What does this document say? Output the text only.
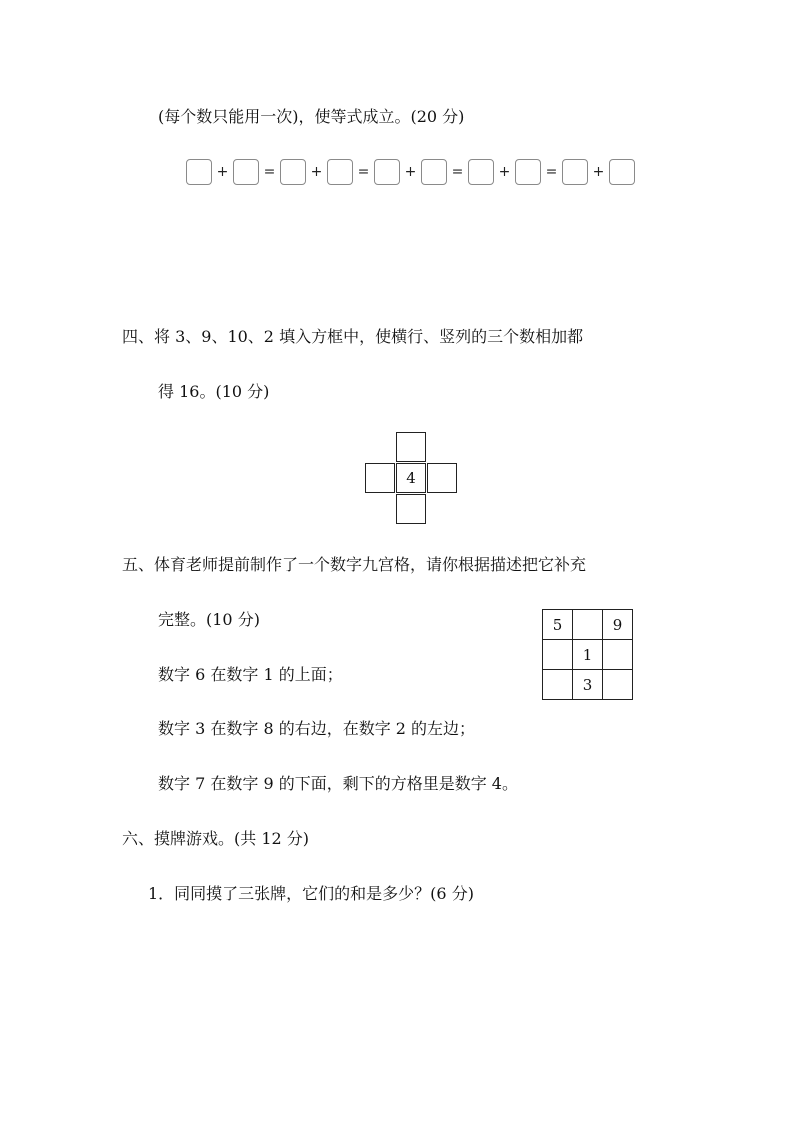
(每个数只能用一次)，使等式成立。(20 分)
+	=	+	=	+	=	+	=	+
四、将 3、9、10、2 填入方框中，使横行、竖列的三个数相加都
得 16。(10 分)
4
五、体育老师提前制作了一个数字九宫格，请你根据描述把它补充
完整。(10 分)
数字 6 在数字 1 的上面；
数字 3 在数字 8 的右边，在数字 2 的左边；
数字 7 在数字 9 的下面，剩下的方格里是数字 4。
5		9
	1	
	3	
六、摸牌游戏。(共 12 分)
1．同同摸了三张牌，它们的和是多少？(6 分)
